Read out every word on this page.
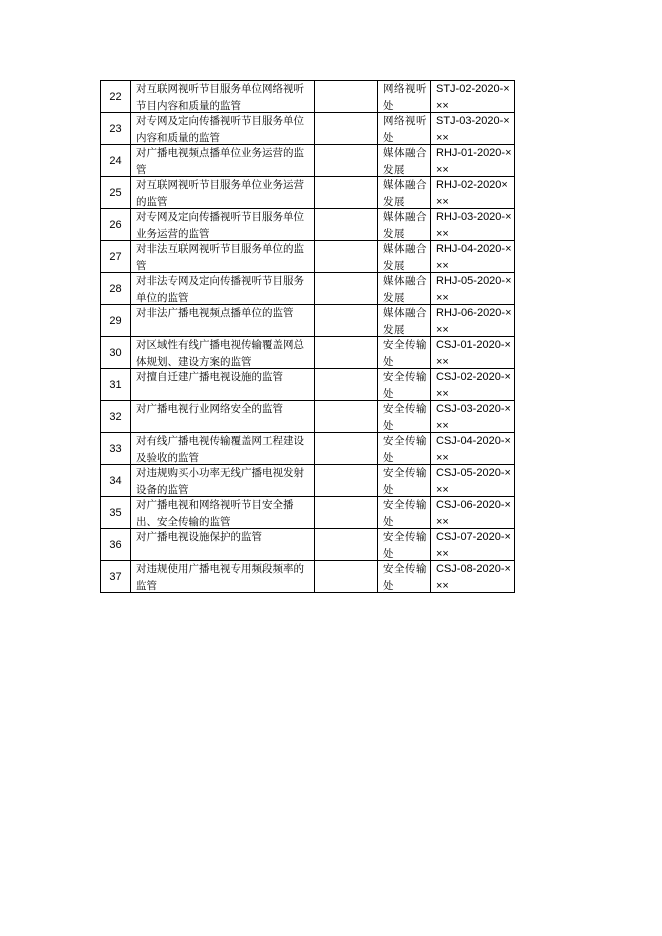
22	对互联网视听节目服务单位网络视听节目内容和质量的监管		网络视听处	STJ-02-2020-×××

23	对专网及定向传播视听节目服务单位内容和质量的监管		网络视听处	STJ-03-2020-×××

24	对广播电视频点播单位业务运营的监管		媒体融合发展	RHJ-01-2020-×××

25	对互联网视听节目服务单位业务运营的监管		媒体融合发展	RHJ-02-2020×××

26	对专网及定向传播视听节目服务单位业务运营的监管		媒体融合发展	RHJ-03-2020-×××

27	对非法互联网视听节目服务单位的监管		媒体融合发展	RHJ-04-2020-×××

28	对非法专网及定向传播视听节目服务单位的监管		媒体融合发展	RHJ-05-2020-×××

29	对非法广播电视频点播单位的监管		媒体融合发展	RHJ-06-2020-×××

30	对区域性有线广播电视传输覆盖网总体规划、建设方案的监管		安全传输处	CSJ-01-2020-×××

31	对擅自迁建广播电视设施的监管		安全传输处	CSJ-02-2020-×××

32	对广播电视行业网络安全的监管		安全传输处	CSJ-03-2020-×××

33	对有线广播电视传输覆盖网工程建设及验收的监管		安全传输处	CSJ-04-2020-×××

34	对违规购买小功率无线广播电视发射设备的监管		安全传输处	CSJ-05-2020-×××

35	对广播电视和网络视听节目安全播出、安全传输的监管		安全传输处	CSJ-06-2020-×××

36	对广播电视设施保护的监管		安全传输处	CSJ-07-2020-×××

37	对违规使用广播电视专用频段频率的监管		安全传输处	CSJ-08-2020-×××
